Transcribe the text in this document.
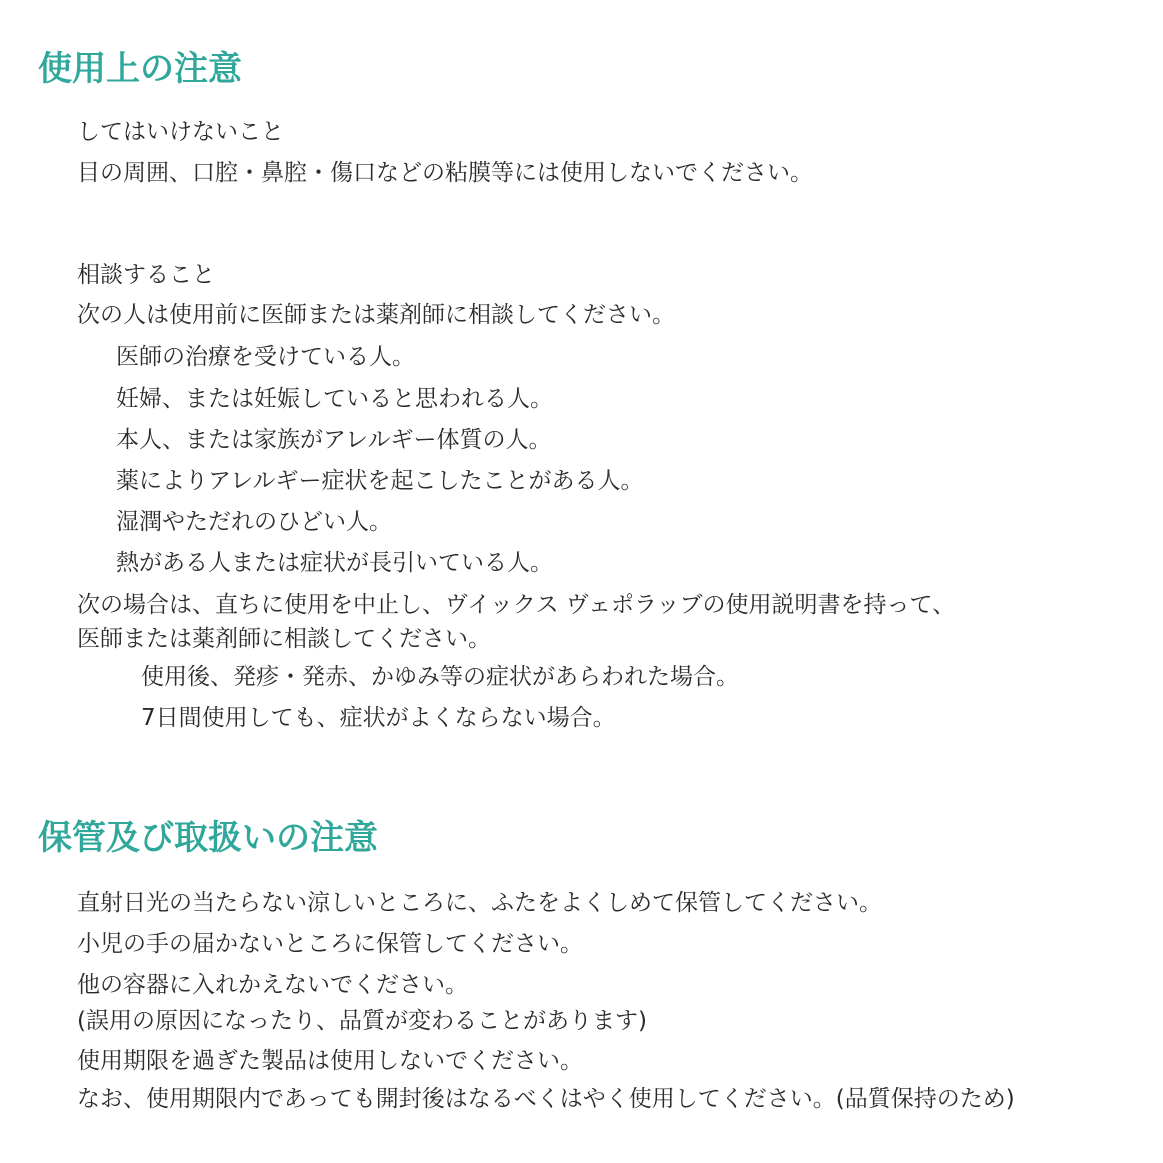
使用上の注意

してはいけないこと

目の周囲、口腔・鼻腔・傷口などの粘膜等には使用しないでください。

相談すること

次の人は使用前に医師または薬剤師に相談してください。

医師の治療を受けている人。

妊婦、または妊娠していると思われる人。

本人、または家族がアレルギー体質の人。

薬によりアレルギー症状を起こしたことがある人。

湿潤やただれのひどい人。

熱がある人または症状が長引いている人。

次の場合は、直ちに使用を中止し、ヴイックス ヴェポラッブの使用説明書を持って、

医師または薬剤師に相談してください。

使用後、発疹・発赤、かゆみ等の症状があらわれた場合。

7日間使用しても、症状がよくならない場合。

保管及び取扱いの注意

直射日光の当たらない涼しいところに、ふたをよくしめて保管してください。

小児の手の届かないところに保管してください。

他の容器に入れかえないでください。

(誤用の原因になったり、品質が変わることがあります)

使用期限を過ぎた製品は使用しないでください。

なお、使用期限内であっても開封後はなるべくはやく使用してください。(品質保持のため)
